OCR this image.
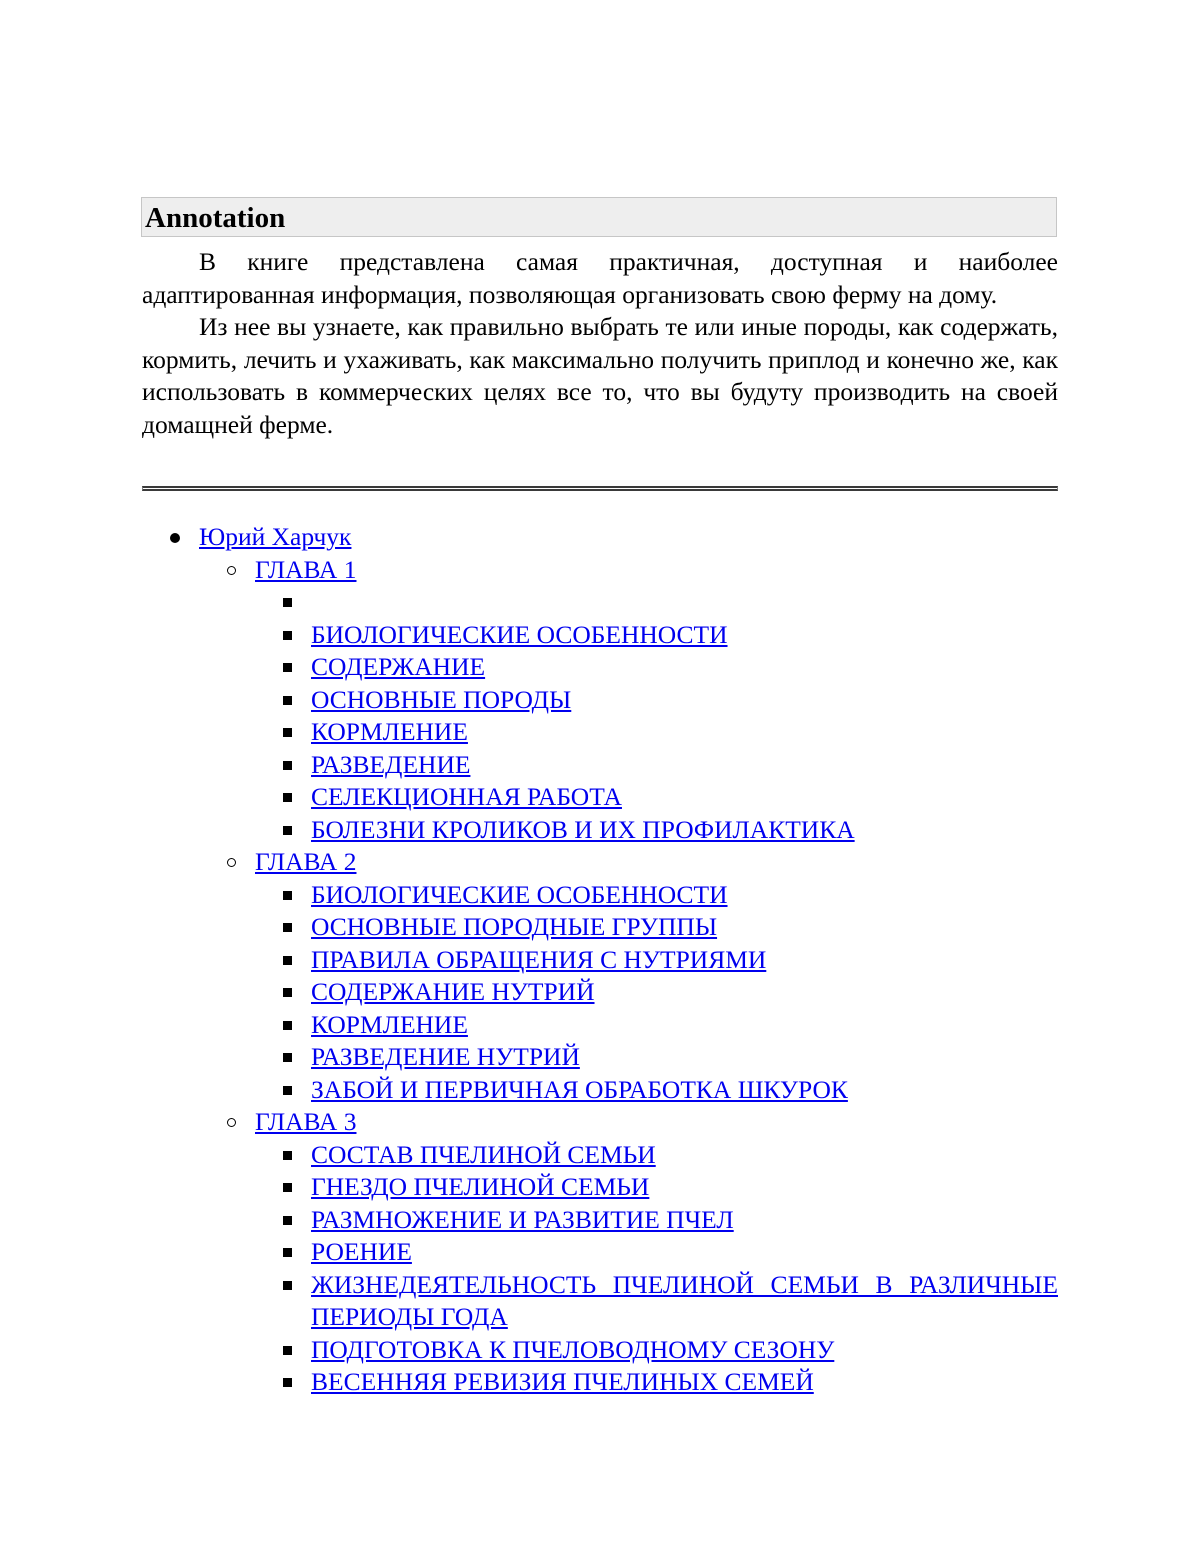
Annotation

В книге представлена самая практичная, доступная и наиболее адаптированная информация, позволяющая организовать свою ферму на дому.

Из нее вы узнаете, как правильно выбрать те или иные породы, как содержать, кормить, лечить и ухаживать, как максимально получить приплод и конечно же, как использовать в коммерческих целях все то, что вы будуту производить на своей домащней ферме.

Юрий Харчук
ГЛАВА 1
БИОЛОГИЧЕСКИЕ ОСОБЕННОСТИ
СОДЕРЖАНИЕ
ОСНОВНЫЕ ПОРОДЫ
КОРМЛЕНИЕ
РАЗВЕДЕНИЕ
СЕЛЕКЦИОННАЯ РАБОТА
БОЛЕЗНИ КРОЛИКОВ И ИХ ПРОФИЛАКТИКА
ГЛАВА 2
БИОЛОГИЧЕСКИЕ ОСОБЕННОСТИ
ОСНОВНЫЕ ПОРОДНЫЕ ГРУППЫ
ПРАВИЛА ОБРАЩЕНИЯ С НУТРИЯМИ
СОДЕРЖАНИЕ НУТРИЙ
КОРМЛЕНИЕ
РАЗВЕДЕНИЕ НУТРИЙ
ЗАБОЙ И ПЕРВИЧНАЯ ОБРАБОТКА ШКУРОК
ГЛАВА 3
СОСТАВ ПЧЕЛИНОЙ СЕМЬИ
ГНЕЗДО ПЧЕЛИНОЙ СЕМЬИ
РАЗМНОЖЕНИЕ И РАЗВИТИЕ ПЧЕЛ
РОЕНИЕ
ЖИЗНЕДЕЯТЕЛЬНОСТЬ ПЧЕЛИНОЙ СЕМЬИ В РАЗЛИЧНЫЕ ПЕРИОДЫ ГОДА
ПОДГОТОВКА К ПЧЕЛОВОДНОМУ СЕЗОНУ
ВЕСЕННЯЯ РЕВИЗИЯ ПЧЕЛИНЫХ СЕМЕЙ
